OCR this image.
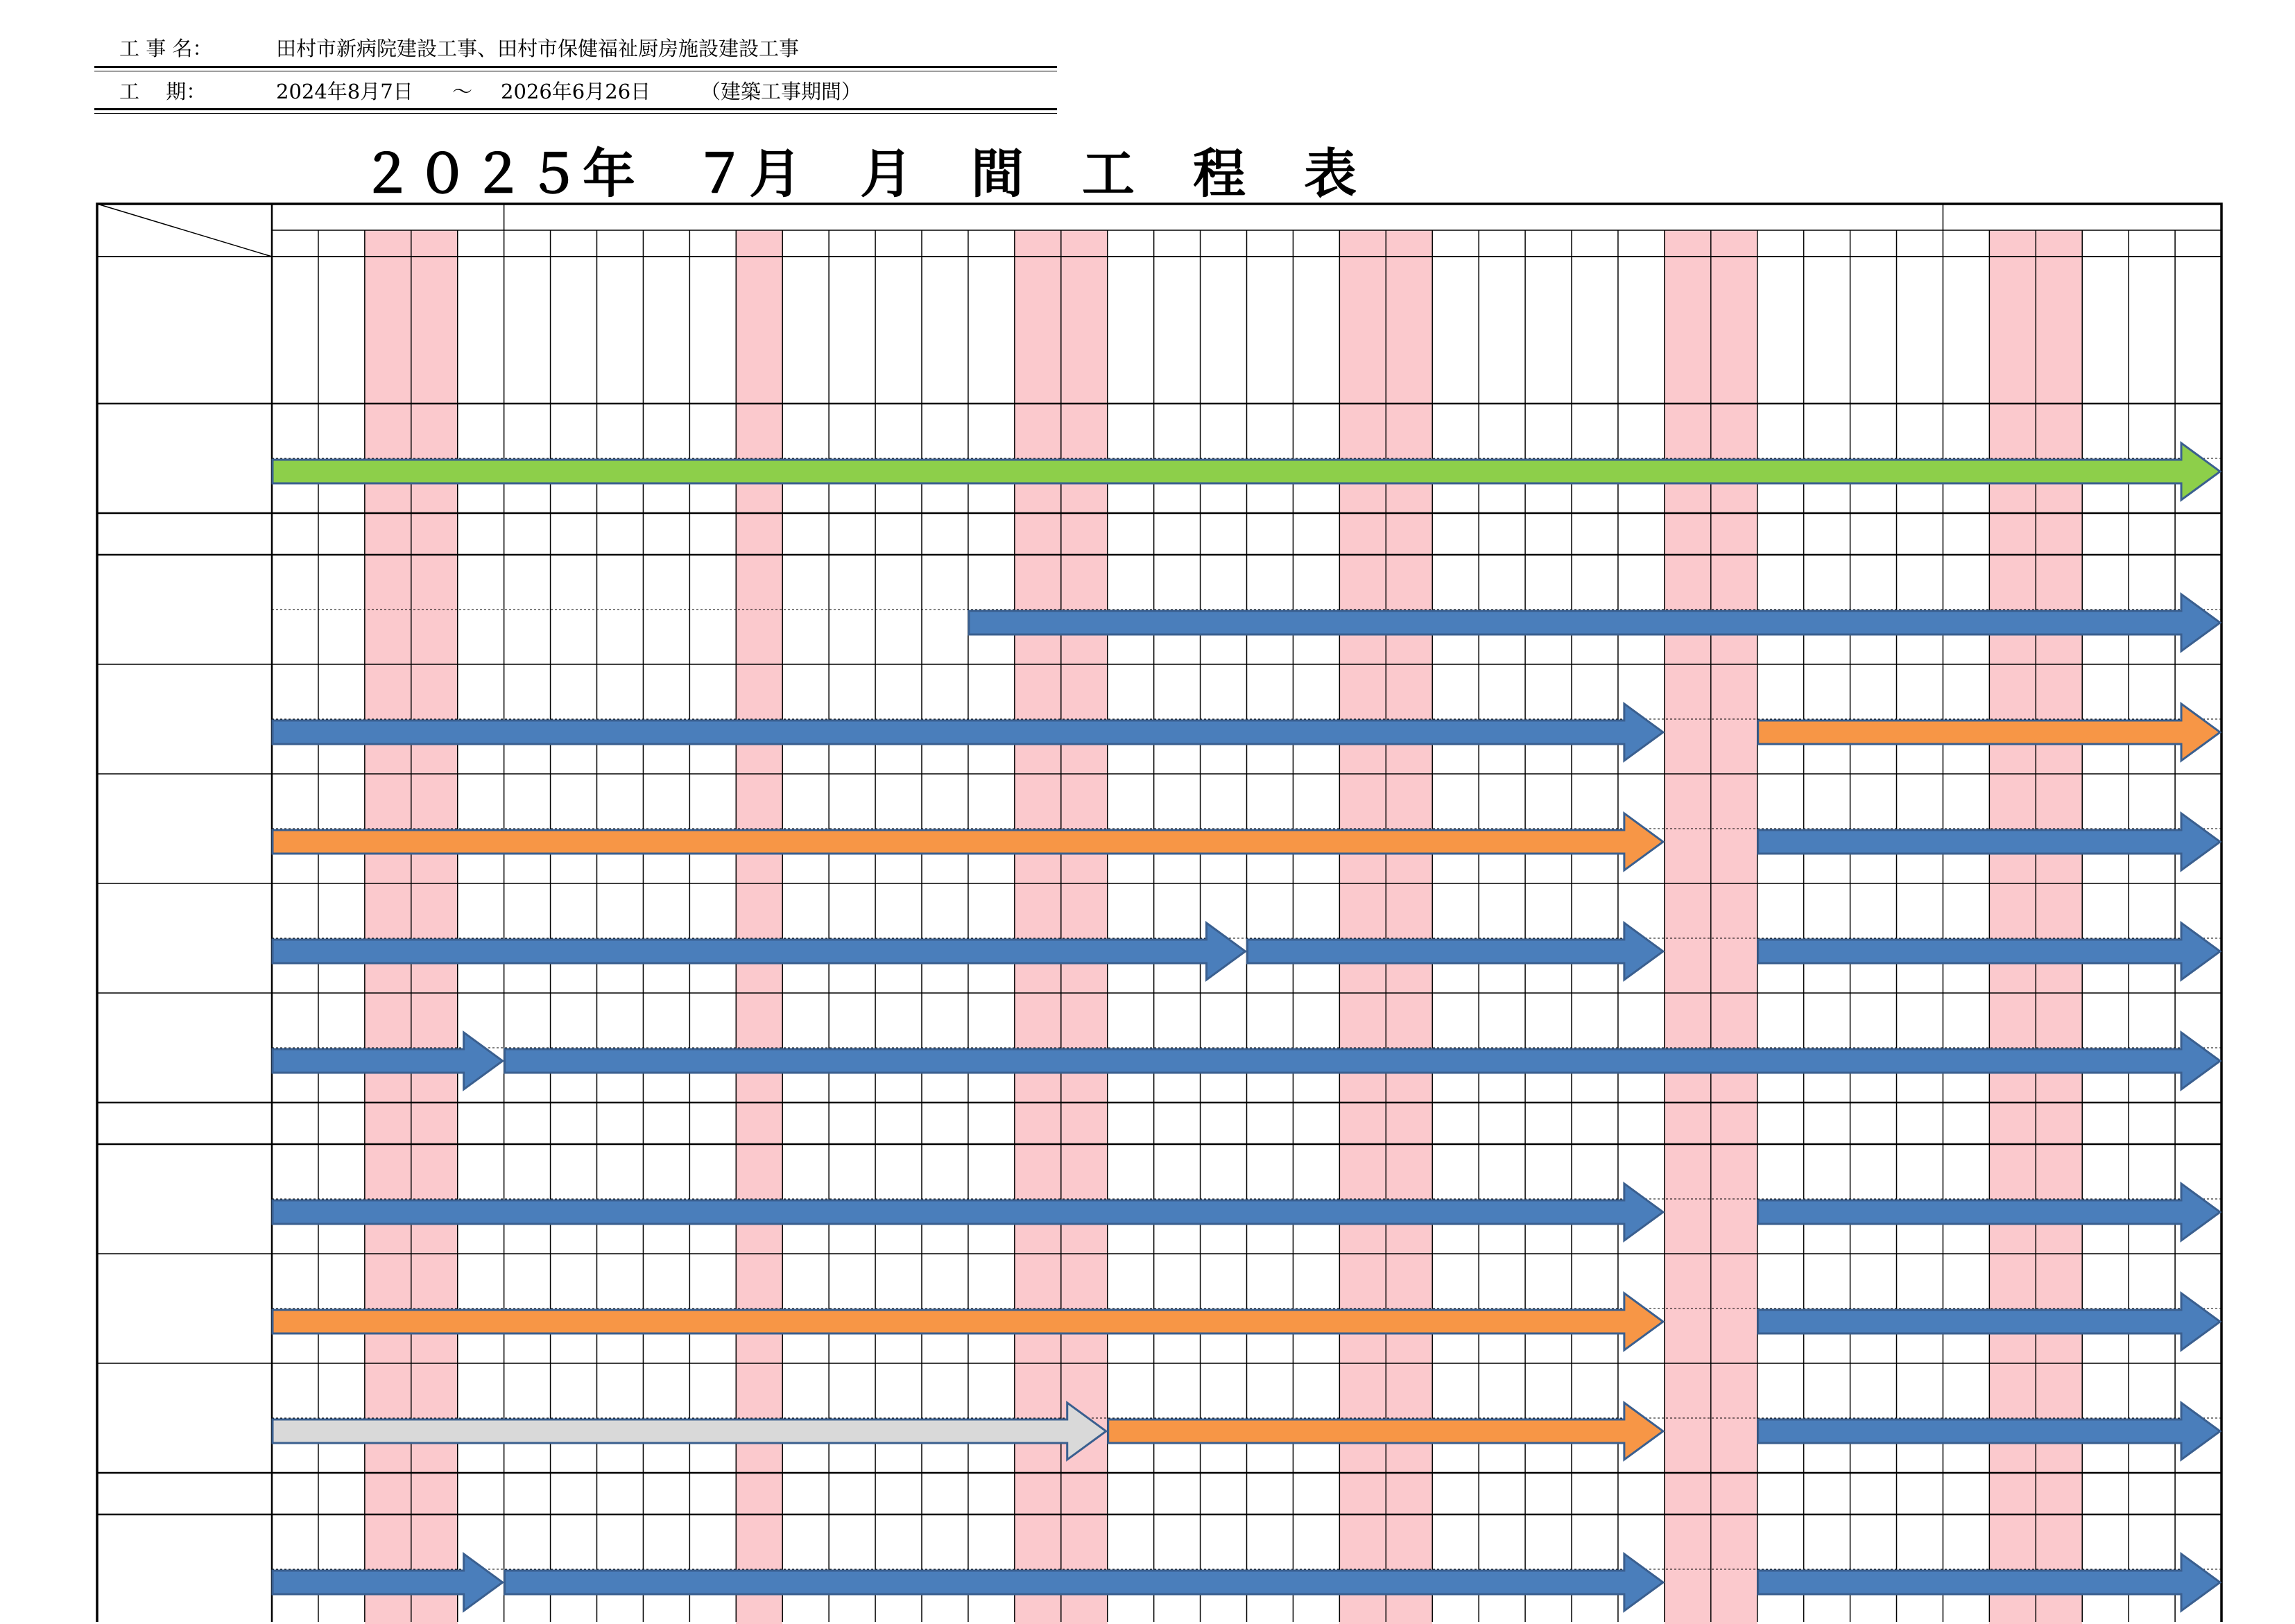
工 事 名：	田村市新病院建設工事、田村市保健福祉厨房施設建設工事
工　 期：	2024年8月7日 ～ 2026年6月26日 （建築工事期間）
２０２５年　７月　月　間　工　程　表
